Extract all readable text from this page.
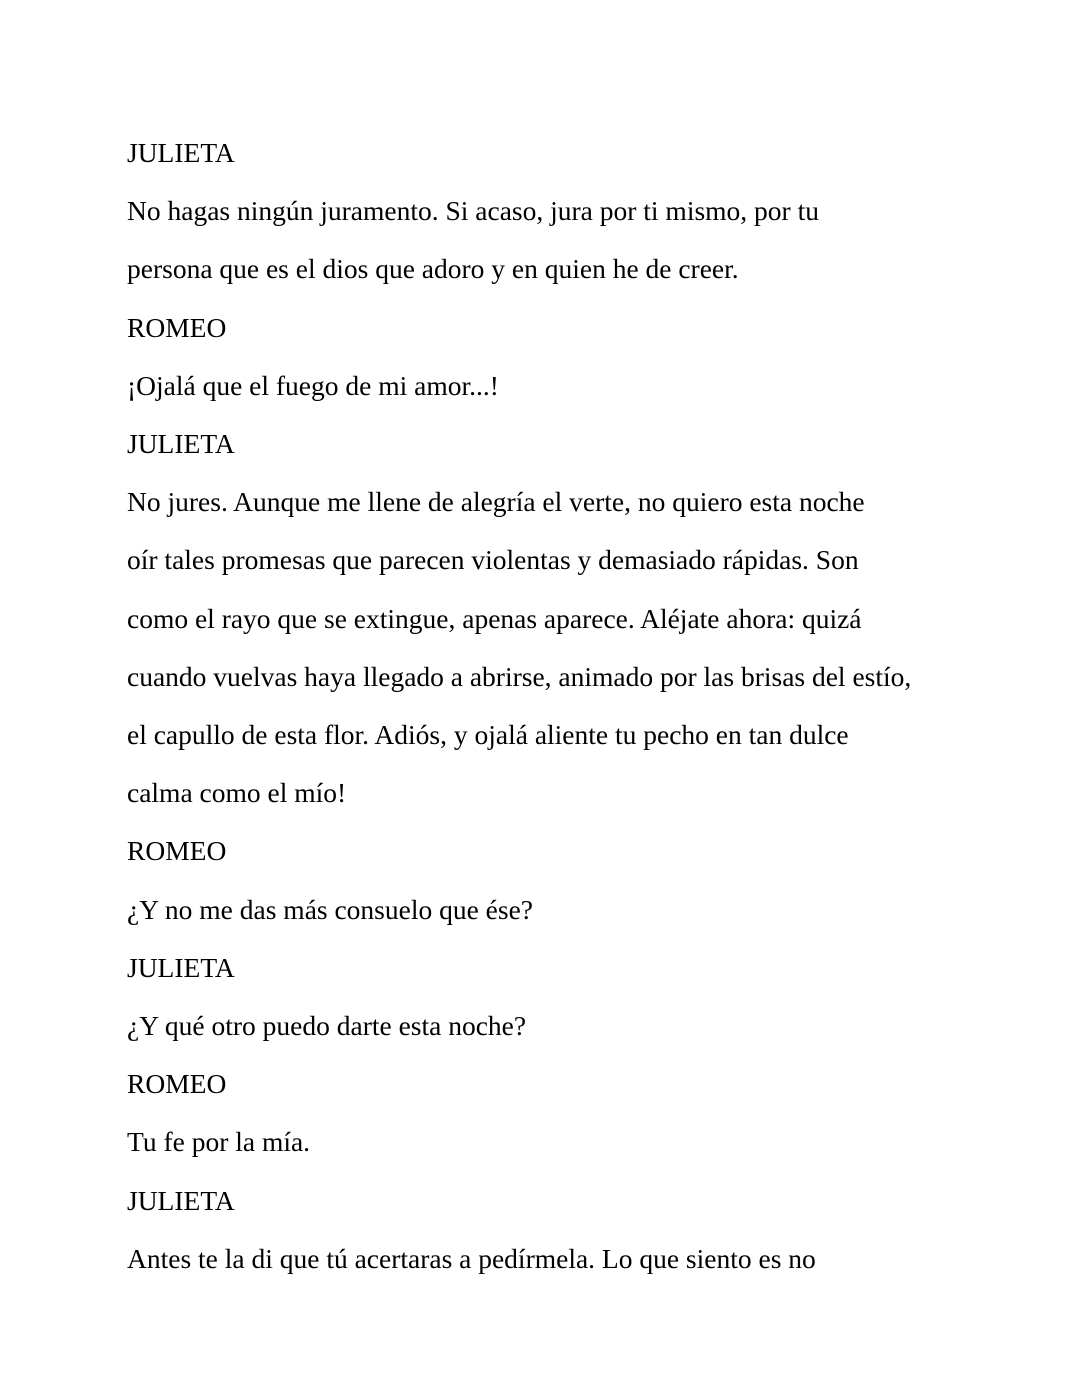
JULIETA
No hagas ningún juramento. Si acaso, jura por ti mismo, por tu
persona que es el dios que adoro y en quien he de creer.
ROMEO
¡Ojalá que el fuego de mi amor...!
JULIETA
No jures. Aunque me llene de alegría el verte, no quiero esta noche
oír tales promesas que parecen violentas y demasiado rápidas. Son
como el rayo que se extingue, apenas aparece. Aléjate ahora: quizá
cuando vuelvas haya llegado a abrirse, animado por las brisas del estío,
el capullo de esta flor. Adiós, y ojalá aliente tu pecho en tan dulce
calma como el mío!
ROMEO
¿Y no me das más consuelo que ése?
JULIETA
¿Y qué otro puedo darte esta noche?
ROMEO
Tu fe por la mía.
JULIETA
Antes te la di que tú acertaras a pedírmela. Lo que siento es no
